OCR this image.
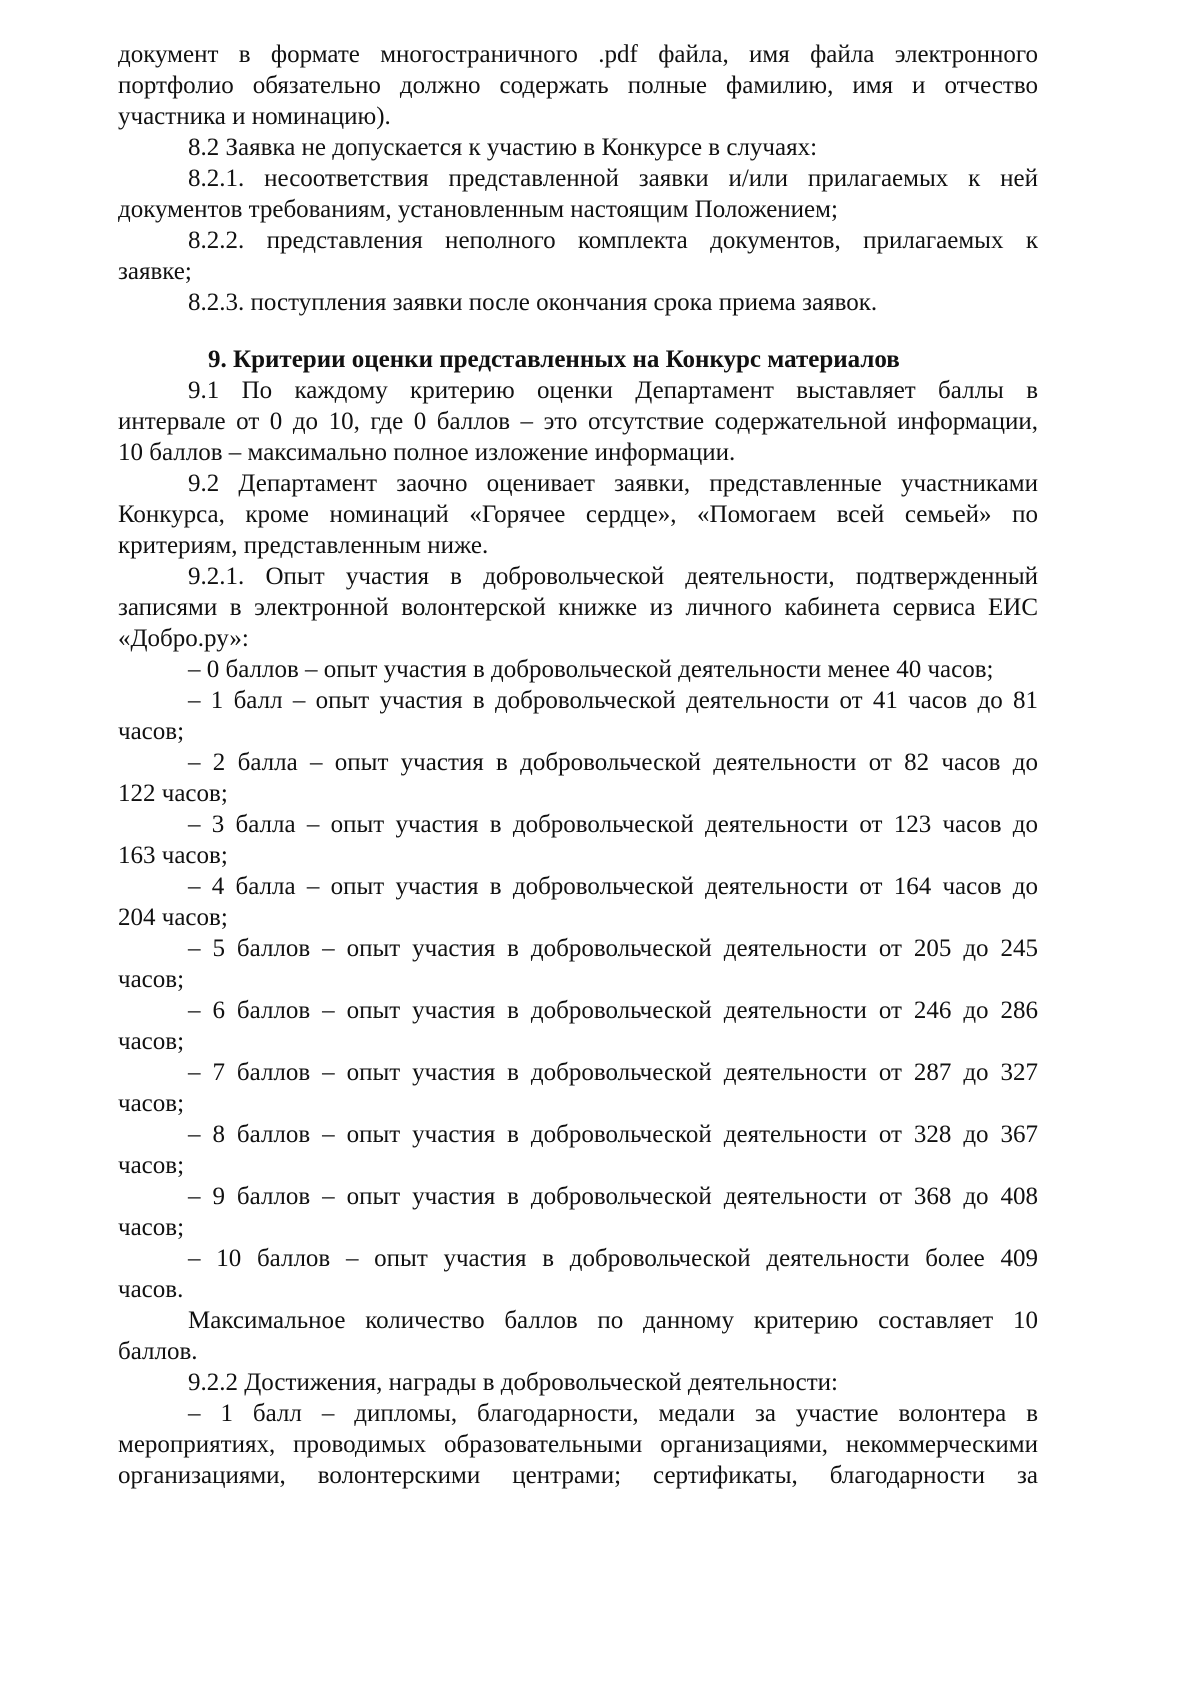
документ в формате многостраничного .pdf файла, имя файла электронного
портфолио обязательно должно содержать полные фамилию, имя и отчество
участника и номинацию).
8.2 Заявка не допускается к участию в Конкурсе в случаях:
8.2.1. несоответствия представленной заявки и/или прилагаемых к ней
документов требованиям, установленным настоящим Положением;
8.2.2. представления неполного комплекта документов, прилагаемых к
заявке;
8.2.3. поступления заявки после окончания срока приема заявок.
9. Критерии оценки представленных на Конкурс материалов
9.1 По каждому критерию оценки Департамент выставляет баллы в
интервале от 0 до 10, где 0 баллов – это отсутствие содержательной информации,
10 баллов – максимально полное изложение информации.
9.2 Департамент заочно оценивает заявки, представленные участниками
Конкурса, кроме номинаций «Горячее сердце», «Помогаем всей семьей» по
критериям, представленным ниже.
9.2.1. Опыт участия в добровольческой деятельности, подтвержденный
записями в электронной волонтерской книжке из личного кабинета сервиса ЕИС
«Добро.ру»:
– 0 баллов – опыт участия в добровольческой деятельности менее 40 часов;
– 1 балл – опыт участия в добровольческой деятельности от 41 часов до 81
часов;
– 2 балла – опыт участия в добровольческой деятельности от 82 часов до
122 часов;
– 3 балла – опыт участия в добровольческой деятельности от 123 часов до
163 часов;
– 4 балла – опыт участия в добровольческой деятельности от 164 часов до
204 часов;
– 5 баллов – опыт участия в добровольческой деятельности от 205 до 245
часов;
– 6 баллов – опыт участия в добровольческой деятельности от 246 до 286
часов;
– 7 баллов – опыт участия в добровольческой деятельности от 287 до 327
часов;
– 8 баллов – опыт участия в добровольческой деятельности от 328 до 367
часов;
– 9 баллов – опыт участия в добровольческой деятельности от 368 до 408
часов;
– 10 баллов – опыт участия в добровольческой деятельности более 409
часов.
Максимальное количество баллов по данному критерию составляет 10
баллов.
9.2.2 Достижения, награды в добровольческой деятельности:
– 1 балл – дипломы, благодарности, медали за участие волонтера в
мероприятиях, проводимых образовательными организациями, некоммерческими
организациями, волонтерскими центрами; сертификаты, благодарности за
